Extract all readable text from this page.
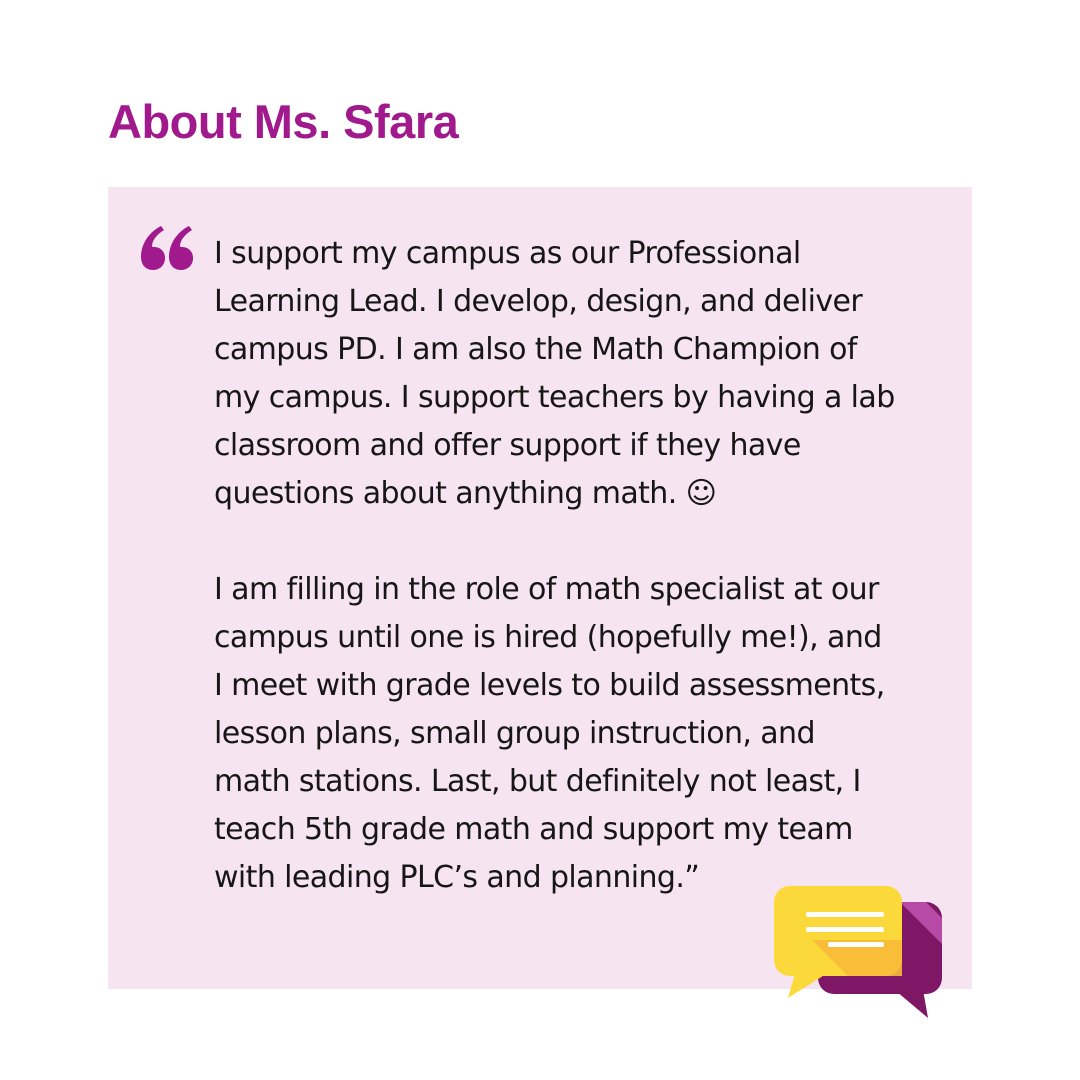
About Ms. Sfara

I support my campus as our Professional
Learning Lead. I develop, design, and deliver
campus PD. I am also the Math Champion of
my campus. I support teachers by having a lab
classroom and offer support if they have
questions about anything math. ☺

I am filling in the role of math specialist at our
campus until one is hired (hopefully me!), and
I meet with grade levels to build assessments,
lesson plans, small group instruction, and
math stations. Last, but definitely not least, I
teach 5th grade math and support my team
with leading PLC’s and planning.”
